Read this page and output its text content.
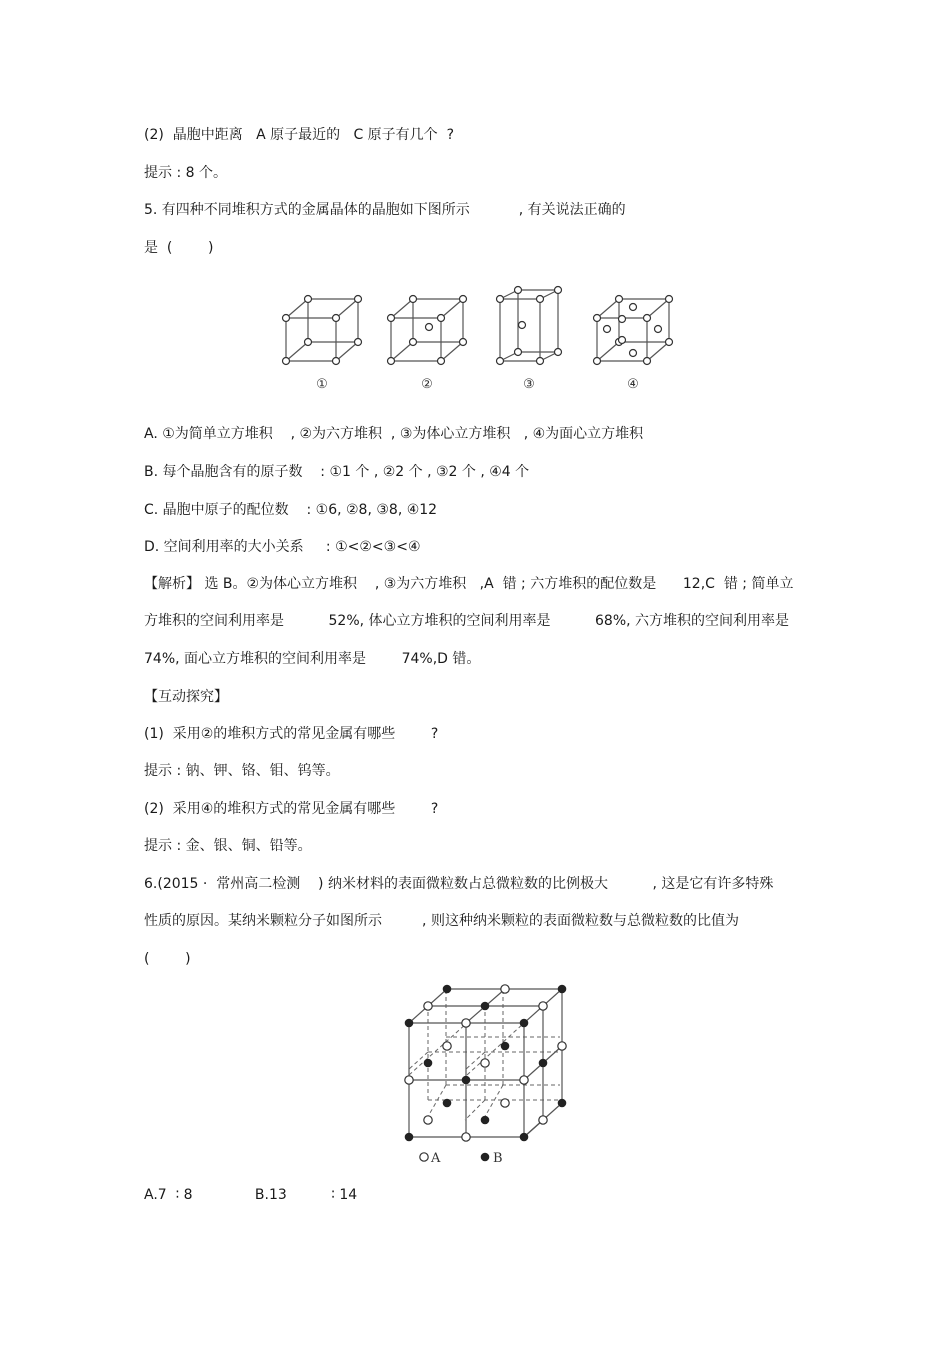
(2)  晶胞中距离   A 原子最近的   C 原子有几个  ?
提示 : 8 个。
5. 有四种不同堆积方式的金属晶体的晶胞如下图所示           , 有关说法正确的
是  (        )
①	②	③	④
A. ①为简单立方堆积    , ②为六方堆积  , ③为体心立方堆积   , ④为面心立方堆积
B. 每个晶胞含有的原子数    : ①1 个 , ②2 个 , ③2 个 , ④4 个
C. 晶胞中原子的配位数    : ①6, ②8, ③8, ④12
D. 空间利用率的大小关系     : ①<②<③<④
【解析】 选 B。②为体心立方堆积    , ③为六方堆积   ,A  错 ; 六方堆积的配位数是      12,C  错 ; 简单立
方堆积的空间利用率是          52%, 体心立方堆积的空间利用率是          68%, 六方堆积的空间利用率是
74%, 面心立方堆积的空间利用率是        74%,D 错。
【互动探究】
(1)  采用②的堆积方式的常见金属有哪些        ?
提示 : 钠、钾、铬、钼、钨等。
(2)  采用④的堆积方式的常见金属有哪些        ?
提示 : 金、银、铜、铅等。
6.(2015 ·  常州高二检测    ) 纳米材料的表面微粒数占总微粒数的比例极大          , 这是它有许多特殊
性质的原因。某纳米颗粒分子如图所示         , 则这种纳米颗粒的表面微粒数与总微粒数的比值为
(        )
A	B
A.7  ∶ 8              B.13          ∶ 14
